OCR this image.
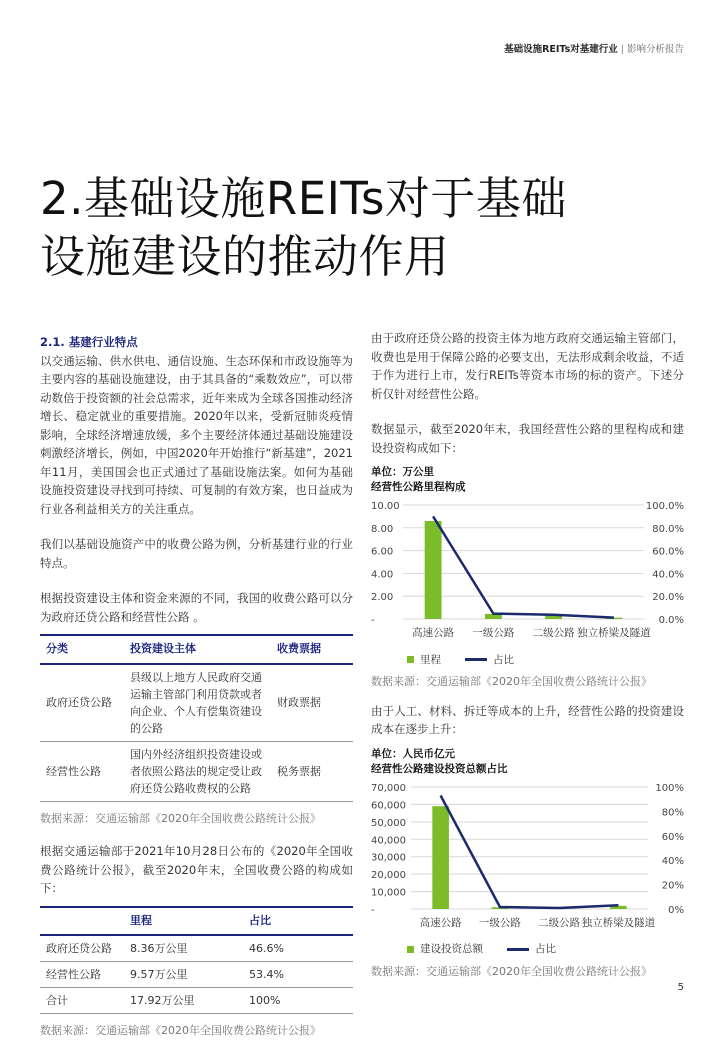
基础设施REITs对基建行业 | 影响分析报告
2.基础设施REITs对于基础
设施建设的推动作用
2.1. 基建行业特点

以交通运输、供水供电、通信设施、生态环保和市政设施等为主要内容的基础设施建设，由于其具备的“乘数效应”，可以带动数倍于投资额的社会总需求，近年来成为全球各国推动经济增长、稳定就业的重要措施。2020年以来，受新冠肺炎疫情影响，全球经济增速放缓，多个主要经济体通过基础设施建设刺激经济增长，例如，中国2020年开始推行“新基建”，2021年11月，美国国会也正式通过了基础设施法案。如何为基础设施投资建设寻找到可持续、可复制的有效方案，也日益成为行业各利益相关方的关注重点。

我们以基础设施资产中的收费公路为例，分析基建行业的行业特点。

根据投资建设主体和资金来源的不同，我国的收费公路可以分为政府还贷公路和经营性公路 。

分类	投资建设主体	收费票据
政府还贷公路	县级以上地方人民政府交通运输主管部门利用贷款或者向企业、个人有偿集资建设的公路	财政票据
经营性公路	国内外经济组织投资建设或者依照公路法的规定受让政府还贷公路收费权的公路	税务票据
数据来源：交通运输部《2020年全国收费公路统计公报》

根据交通运输部于2021年10月28日公布的《2020年全国收费公路统计公报》，截至2020年末，全国收费公路的构成如下：

	里程	占比
政府还贷公路	8.36万公里	46.6%
经营性公路	9.57万公里	53.4%
合计	17.92万公里	100%
数据来源：交通运输部《2020年全国收费公路统计公报》

由于政府还贷公路的投资主体为地方政府交通运输主管部门，收费也是用于保障公路的必要支出，无法形成剩余收益，不适于作为进行上市，发行REITs等资本市场的标的资产。下述分析仅针对经营性公路。

数据显示，截至2020年末，我国经营性公路的里程构成和建设投资构成如下：

单位：万公里
经营性公路里程构成
-
2.00
4.00
6.00
8.00
10.00
0.0%
20.0%
40.0%
60.0%
80.0%
100.0%
高速公路 一级公路 二级公路 独立桥梁及隧道
里程	占比
数据来源：交通运输部《2020年全国收费公路统计公报》

由于人工、材料、拆迁等成本的上升，经营性公路的投资建设成本在逐步上升：

单位：人民币亿元
经营性公路建设投资总额占比
-
10,000
20,000
30,000
40,000
50,000
60,000
70,000
0%
20%
40%
60%
80%
100%
高速公路 一级公路 二级公路 独立桥梁及隧道
建设投资总额	占比
数据来源：交通运输部《2020年全国收费公路统计公报》
5
